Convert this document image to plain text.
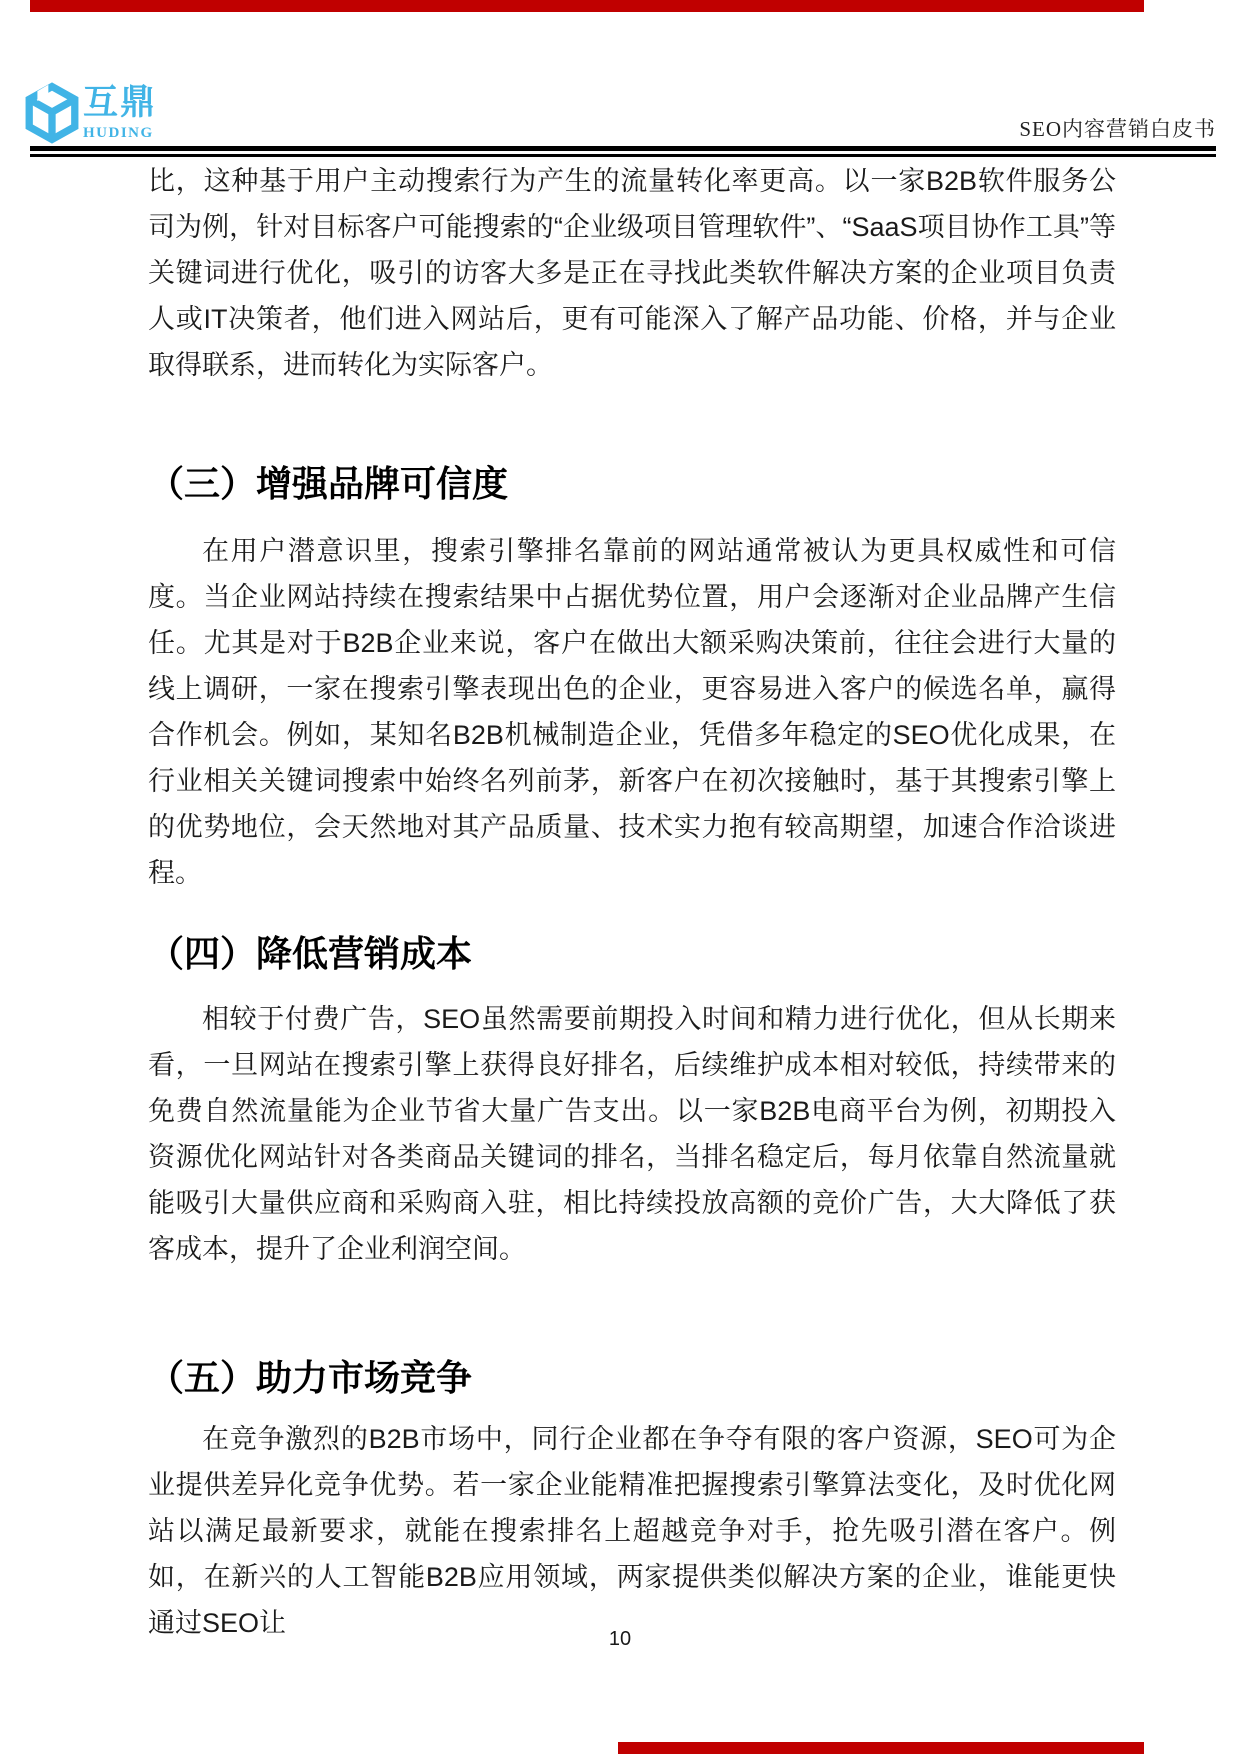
互鼎
HUDING	SEO内容营销白皮书

比，这种基于用户主动搜索行为产生的流量转化率更高。以一家B2B软件服务公司为例，针对目标客户可能搜索的“企业级项目管理软件”、“SaaS项目协作工具”等关键词进行优化，吸引的访客大多是正在寻找此类软件解决方案的企业项目负责人或IT决策者，他们进入网站后，更有可能深入了解产品功能、价格，并与企业取得联系，进而转化为实际客户。

（三）增强品牌可信度

在用户潜意识里，搜索引擎排名靠前的网站通常被认为更具权威性和可信度。当企业网站持续在搜索结果中占据优势位置，用户会逐渐对企业品牌产生信任。尤其是对于B2B企业来说，客户在做出大额采购决策前，往往会进行大量的线上调研，一家在搜索引擎表现出色的企业，更容易进入客户的候选名单，赢得合作机会。例如，某知名B2B机械制造企业，凭借多年稳定的SEO优化成果，在行业相关关键词搜索中始终名列前茅，新客户在初次接触时，基于其搜索引擎上的优势地位，会天然地对其产品质量、技术实力抱有较高期望，加速合作洽谈进程。

（四）降低营销成本

相较于付费广告，SEO虽然需要前期投入时间和精力进行优化，但从长期来看，一旦网站在搜索引擎上获得良好排名，后续维护成本相对较低，持续带来的免费自然流量能为企业节省大量广告支出。以一家B2B电商平台为例，初期投入资源优化网站针对各类商品关键词的排名，当排名稳定后，每月依靠自然流量就能吸引大量供应商和采购商入驻，相比持续投放高额的竞价广告，大大降低了获客成本，提升了企业利润空间。

（五）助力市场竞争

在竞争激烈的B2B市场中，同行企业都在争夺有限的客户资源，SEO可为企业提供差异化竞争优势。若一家企业能精准把握搜索引擎算法变化，及时优化网站以满足最新要求，就能在搜索排名上超越竞争对手，抢先吸引潜在客户。例如，在新兴的人工智能B2B应用领域，两家提供类似解决方案的企业，谁能更快通过SEO让

10
